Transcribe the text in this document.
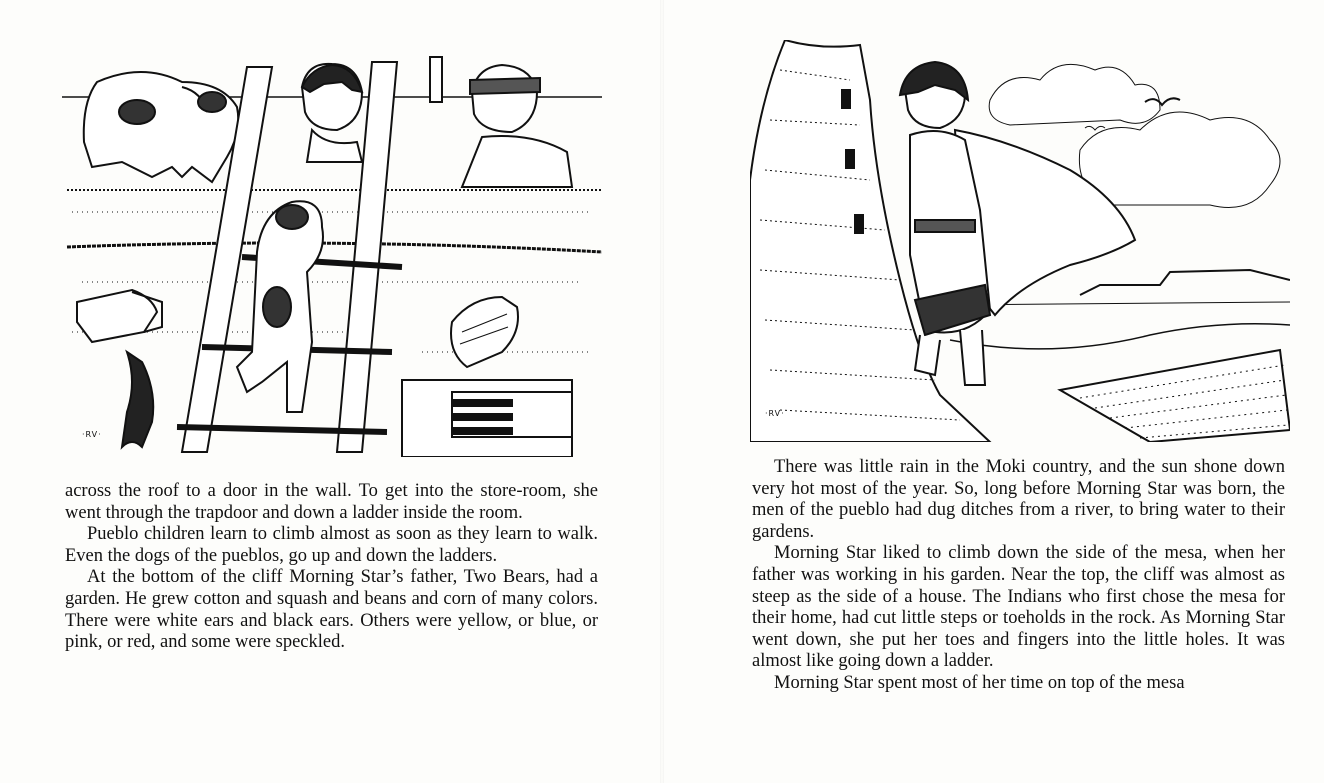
·RV·
·RV·

across the roof to a door in the wall. To get into the store-room, she went through the trapdoor and down a ladder inside the room.

Pueblo children learn to climb almost as soon as they learn to walk. Even the dogs of the pueblos, go up and down the ladders.

At the bottom of the cliff Morning Star’s father, Two Bears, had a garden. He grew cotton and squash and beans and corn of many colors. There were white ears and black ears. Others were yellow, or blue, or pink, or red, and some were speckled.

There was little rain in the Moki country, and the sun shone down very hot most of the year. So, long before Morning Star was born, the men of the pueblo had dug ditches from a river, to bring water to their gardens.

Morning Star liked to climb down the side of the mesa, when her father was working in his garden. Near the top, the cliff was almost as steep as the side of a house. The Indians who first chose the mesa for their home, had cut little steps or toeholds in the rock. As Morning Star went down, she put her toes and fingers into the little holes. It was almost like going down a ladder.

Morning Star spent most of her time on top of the mesa
